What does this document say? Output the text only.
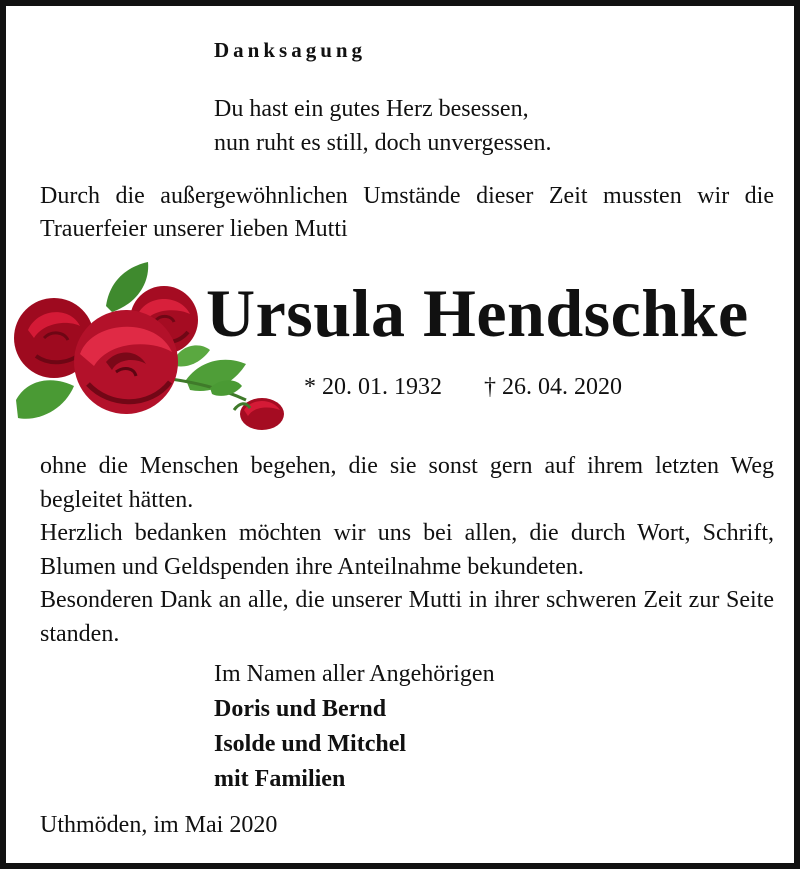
Danksagung
Du hast ein gutes Herz besessen,
nun ruht es still, doch unvergessen.
Durch die außergewöhnlichen Umstände dieser Zeit mussten wir die Trauerfeier unserer lieben Mutti
Ursula Hendschke
* 20. 01. 1932 † 26. 04. 2020

ohne die Menschen begehen, die sie sonst gern auf ihrem letzten Weg begleitet hätten.

Herzlich bedanken möchten wir uns bei allen, die durch Wort, Schrift, Blumen und Geldspenden ihre Anteilnahme bekundeten.

Besonderen Dank an alle, die unserer Mutti in ihrer schweren Zeit zur Seite standen.

Im Namen aller Angehörigen
Doris und Bernd
Isolde und Mitchel
mit Familien
Uthmöden, im Mai 2020
